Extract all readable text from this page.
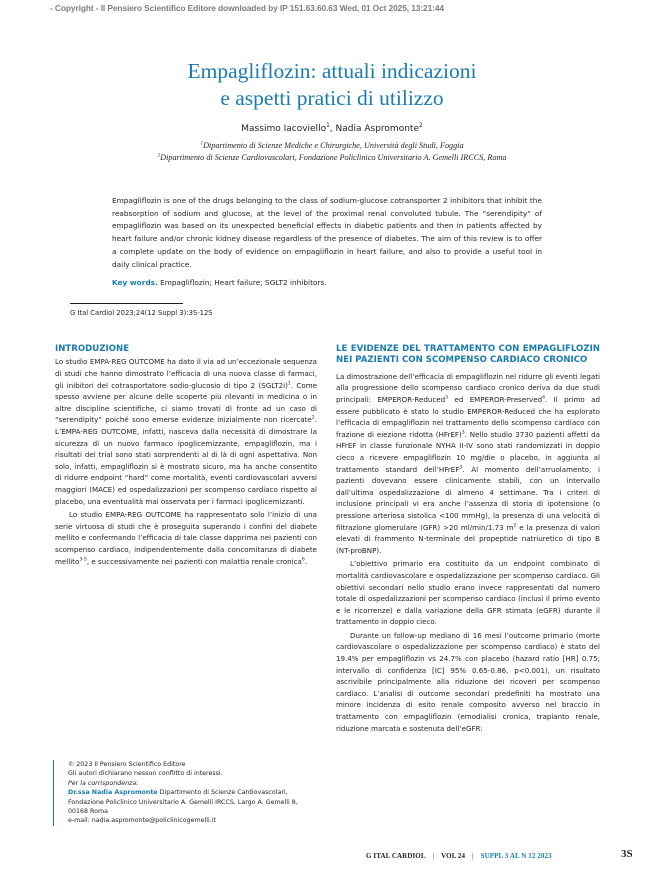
- Copyright - Il Pensiero Scientifico Editore downloaded by IP 151.63.60.63 Wed, 01 Oct 2025, 13:21:44
Empagliflozin: attuali indicazioni
e aspetti pratici di utilizzo
Massimo Iacoviello$^1$, Nadia Aspromonte$^2$
$^1$Dipartimento di Scienze Mediche e Chirurgiche, Università degli Studi, Foggia
$^2$Dipartimento di Scienze Cardiovascolari, Fondazione Policlinico Universitario A. Gemelli IRCCS, Roma
Empagliflozin is one of the drugs belonging to the class of sodium-glucose cotransporter 2 inhibitors that inhibit the reabsorption of sodium and glucose, at the level of the proximal renal convoluted tubule. The “serendipity” of empagliflozin was based on its unexpected beneficial effects in diabetic patients and then in patients affected by heart failure and/or chronic kidney disease regardless of the presence of diabetes. The aim of this review is to offer a complete update on the body of evidence on empagliflozin in heart failure, and also to provide a useful tool in daily clinical practice.
Key words. Empagliflozin; Heart failure; SGLT2 inhibitors.
G Ital Cardiol 2023;24(12 Suppl 3):3S-12S
INTRODUZIONE

Lo studio EMPA-REG OUTCOME ha dato il via ad un’eccezionale sequenza di studi che hanno dimostrato l’efficacia di una nuova classe di farmaci, gli inibitori del cotrasportatore sodio-glucosio di tipo 2 (SGLT2i)$^1$. Come spesso avviene per alcune delle scoperte più rilevanti in medicina o in altre discipline scientifiche, ci siamo trovati di fronte ad un caso di “serendipity” poiché sono emerse evidenze inizialmente non ricercate$^2$. L’EMPA-REG OUTCOME, infatti, nasceva dalla necessità di dimostrare la sicurezza di un nuovo farmaco ipoglicemizzante, empagliflozin, ma i risultati del trial sono stati sorprendenti al di là di ogni aspettativa. Non solo, infatti, empagliflozin si è mostrato sicuro, ma ha anche consentito di ridurre endpoint “hard” come mortalità, eventi cardiovascolari avversi maggiori (MACE) ed ospedalizzazioni per scompenso cardiaco rispetto al placebo, una eventualità mai osservata per i farmaci ipoglicemizzanti.

Lo studio EMPA-REG OUTCOME ha rappresentato solo l’inizio di una serie virtuosa di studi che è proseguita superando i confini del diabete mellito e confermando l’efficacia di tale classe dapprima nei pazienti con scompenso cardiaco, indipendentemente dalla concomitanza di diabete mellito$^{3-5}$, e successivamente nei pazienti con malattia renale cronica$^6$.

© 2023 Il Pensiero Scientifico Editore
Gli autori dichiarano nessun conflitto di interessi.
Per la corrispondenza:
Dr.ssa Nadia Aspromonte Dipartimento di Scienze Cardiovascolari, Fondazione Policlinico Universitario A. Gemelli IRCCS, Largo A. Gemelli 8, 00168 Roma
e-mail: nadia.aspromonte@policlinicogemelli.it
LE EVIDENZE DEL TRATTAMENTO CON EMPAGLIFLOZIN NEI PAZIENTI CON SCOMPENSO CARDIACO CRONICO

La dimostrazione dell’efficacia di empagliflozin nel ridurre gli eventi legati alla progressione dello scompenso cardiaco cronico deriva da due studi principali: EMPEROR-Reduced$^3$ ed EMPEROR-Preserved$^4$. Il primo ad essere pubblicato è stato lo studio EMPEROR-Reduced che ha esplorato l’efficacia di empagliflozin nel trattamento dello scompenso cardiaco con frazione di eiezione ridotta (HFrEF)$^3$. Nello studio 3730 pazienti affetti da HFrEF in classe funzionale NYHA II-IV sono stati randomizzati in doppio cieco a ricevere empagliflozin 10 mg/die o placebo, in aggiunta al trattamento standard dell’HFrEF$^3$. Al momento dell’arruolamento, i pazienti dovevano essere clinicamente stabili, con un intervallo dall’ultima ospedalizzazione di almeno 4 settimane. Tra i criteri di inclusione principali vi era anche l’assenza di storia di ipotensione (o pressione arteriosa sistolica <100 mmHg), la presenza di una velocità di filtrazione glomerulare (GFR) >20 ml/min/1.73 $m^2$ e la presenza di valori elevati di frammento N-terminale del propeptide natriuretico di tipo B (NT-proBNP).

L’obiettivo primario era costituito da un endpoint combinato di mortalità cardiovascolare e ospedalizzazione per scompenso cardiaco. Gli obiettivi secondari nello studio erano invece rappresentati dal numero totale di ospedalizzazioni per scompenso cardiaco (inclusi il primo evento e le ricorrenze) e dalla variazione della GFR stimata (eGFR) durante il trattamento in doppio cieco.

Durante un follow-up mediano di 16 mesi l’outcome primario (morte cardiovascolare o ospedalizzazione per scompenso cardiaco) è stato del 19.4% per empagliflozin vs 24.7% con placebo (hazard ratio [HR] 0.75; intervallo di confidenza [IC] 95% 0.65-0.86, p<0.001), un risultato ascrivibile principalmente alla riduzione dei ricoveri per scompenso cardiaco. L’analisi di outcome secondari predefiniti ha mostrato una minore incidenza di esito renale composito avverso nel braccio in trattamento con empagliflozin (emodialisi cronica, trapianto renale, riduzione marcata e sostenuta dell’eGFR:

G ITAL CARDIOL | VOL 24 | SUPPL 3 AL N 12 2023	3S
